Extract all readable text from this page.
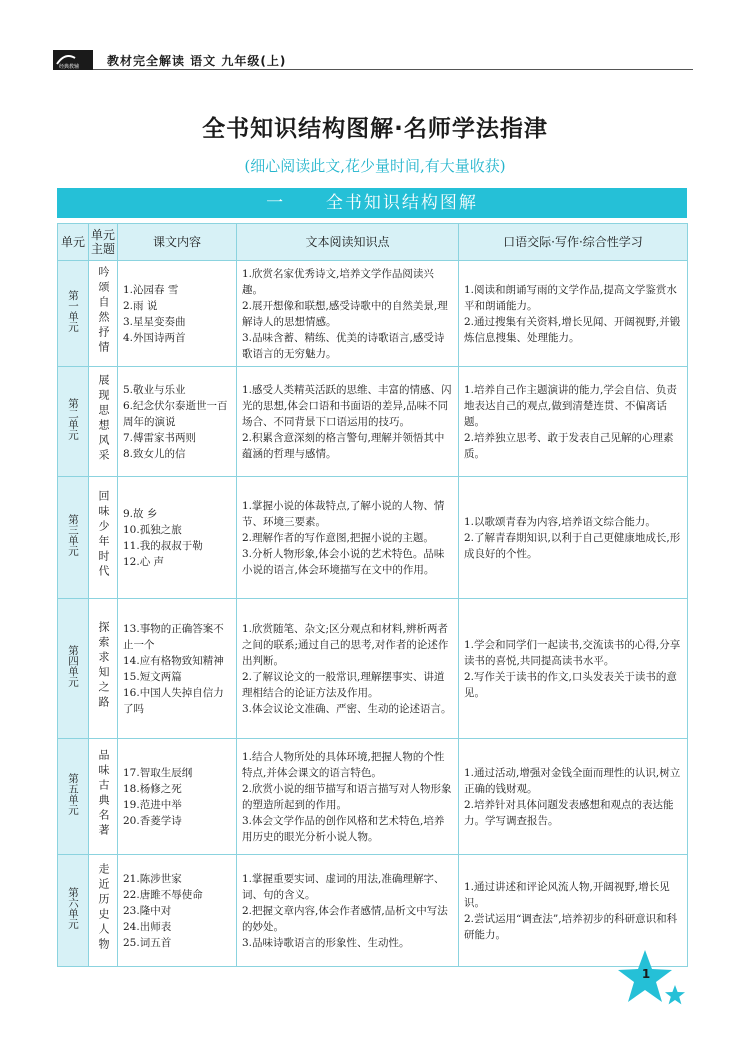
经典教辅 教材完全解读 语文 九年级(上)
全书知识结构图解·名师学法指津
(细心阅读此文,花少量时间,有大量收获)
一 全书知识结构图解
单元	单元主题	课文内容	文本阅读知识点	口语交际·写作·综合性学习
第一单元	吟颂自然抒情	1.沁园春 雪
2.雨 说
3.星星变奏曲
4.外国诗两首	1.欣赏名家优秀诗文,培养文学作品阅读兴趣。
2.展开想像和联想,感受诗歌中的自然美景,理解诗人的思想情感。
3.品味含蓄、精练、优美的诗歌语言,感受诗歌语言的无穷魅力。	1.阅读和朗诵写雨的文学作品,提高文学鉴赏水平和朗诵能力。
2.通过搜集有关资料,增长见闻、开阔视野,并锻炼信息搜集、处理能力。

第二单元	展现思想风采	5.敬业与乐业
6.纪念伏尔泰逝世一百周年的演说
7.傅雷家书两则
8.致女儿的信	1.感受人类精英活跃的思维、丰富的情感、闪光的思想,体会口语和书面语的差异,品味不同场合、不同背景下口语运用的技巧。
2.积累含意深刻的格言警句,理解并领悟其中蕴涵的哲理与感情。	1.培养自己作主题演讲的能力,学会自信、负责地表达自己的观点,做到清楚连贯、不偏离话题。
2.培养独立思考、敢于发表自己见解的心理素质。

第三单元	回味少年时代	9.故 乡
10.孤独之旅
11.我的叔叔于勒
12.心 声	1.掌握小说的体裁特点,了解小说的人物、情节、环境三要素。
2.理解作者的写作意图,把握小说的主题。
3.分析人物形象,体会小说的艺术特色。品味小说的语言,体会环境描写在文中的作用。	1.以歌颂青春为内容,培养语文综合能力。
2.了解青春期知识,以利于自己更健康地成长,形成良好的个性。

第四单元	探索求知之路	13.事物的正确答案不止一个
14.应有格物致知精神
15.短文两篇
16.中国人失掉自信力了吗	1.欣赏随笔、杂文;区分观点和材料,辨析两者之间的联系;通过自己的思考,对作者的论述作出判断。
2.了解议论文的一般常识,理解摆事实、讲道理相结合的论证方法及作用。
3.体会议论文准确、严密、生动的论述语言。	1.学会和同学们一起读书,交流读书的心得,分享读书的喜悦,共同提高读书水平。
2.写作关于读书的作文,口头发表关于读书的意见。

第五单元	品味古典名著	17.智取生辰纲
18.杨修之死
19.范进中举
20.香菱学诗	1.结合人物所处的具体环境,把握人物的个性特点,并体会课文的语言特色。
2.欣赏小说的细节描写和语言描写对人物形象的塑造所起到的作用。
3.体会文学作品的创作风格和艺术特色,培养用历史的眼光分析小说人物。	1.通过活动,增强对金钱全面而理性的认识,树立正确的钱财观。
2.培养针对具体问题发表感想和观点的表达能力。学写调查报告。

第六单元	走近历史人物	21.陈涉世家
22.唐雎不辱使命
23.隆中对
24.出师表
25.词五首	1.掌握重要实词、虚词的用法,准确理解字、词、句的含义。
2.把握文章内容,体会作者感情,品析文中写法的妙处。
3.品味诗歌语言的形象性、生动性。	1.通过讲述和评论风流人物,开阔视野,增长见识。
2.尝试运用“调查法”,培养初步的科研意识和科研能力。
1
